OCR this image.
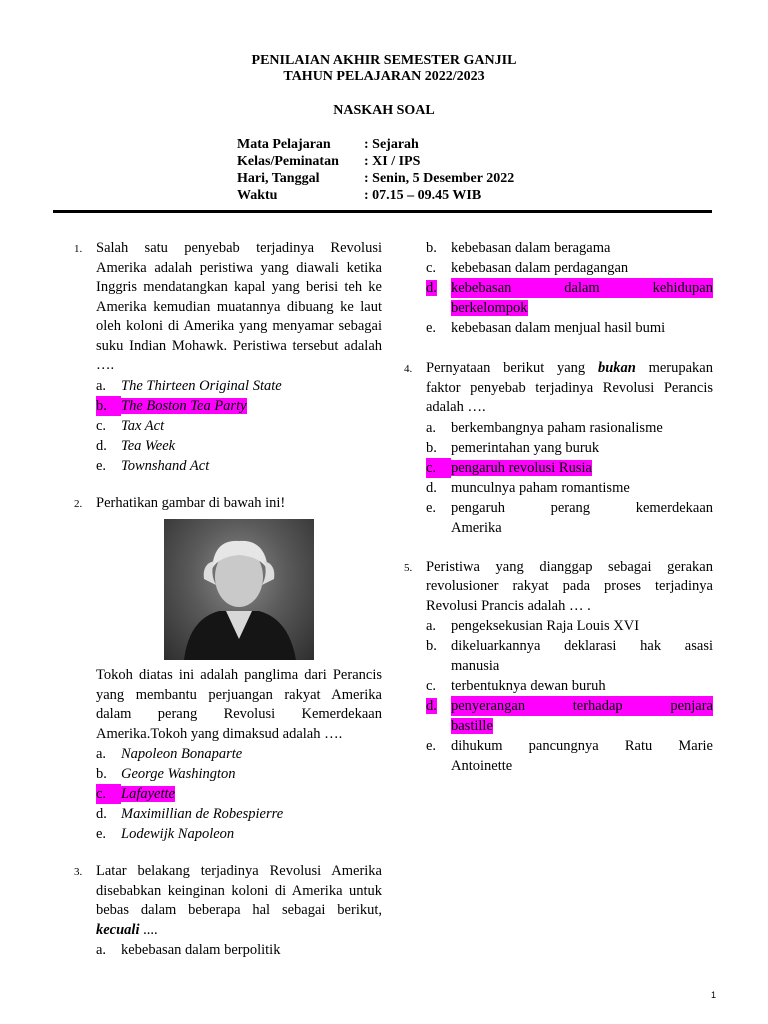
PENILAIAN AKHIR SEMESTER GANJIL
TAHUN PELAJARAN 2022/2023
NASKAH SOAL
Mata Pelajaran	: Sejarah
Kelas/Peminatan	: XI / IPS
Hari, Tanggal	: Senin, 5 Desember 2022
Waktu	: 07.15 – 09.45 WIB
1. Salah satu penyebab terjadinya Revolusi Amerika adalah peristiwa yang diawali ketika Inggris mendatangkan kapal yang berisi teh ke Amerika kemudian muatannya dibuang ke laut oleh koloni di Amerika yang menyamar sebagai suku Indian Mohawk. Peristiwa tersebut adalah ….
a.	The Thirteen Original State
b. The Boston Tea Party
c.	Tax Act
d. Tea Week
e.	Townshand Act
2. Perhatikan gambar di bawah ini!
Tokoh diatas ini adalah panglima dari Perancis yang membantu perjuangan rakyat Amerika dalam perang Revolusi Kemerdekaan Amerika.Tokoh yang dimaksud adalah ….
a.	Napoleon Bonaparte
b. George Washington
c.	Lafayette
d. Maximillian de Robespierre
e.	Lodewijk Napoleon
3. Latar belakang terjadinya Revolusi Amerika disebabkan keinginan koloni di Amerika untuk bebas dalam beberapa hal sebagai berikut, kecuali ....
a.	kebebasan dalam berpolitik
b. kebebasan dalam beragama
c.	kebebasan dalam perdagangan
d. kebebasan dalam kehidupan
berkelompok
e.	kebebasan dalam menjual hasil bumi
4. Pernyataan berikut yang bukan merupakan faktor penyebab terjadinya Revolusi Perancis adalah ….
a.	berkembangnya paham rasionalisme
b. pemerintahan yang buruk
c.	pengaruh revolusi Rusia
d. munculnya paham romantisme
e.	pengaruh perang kemerdekaan
Amerika
5. Peristiwa yang dianggap sebagai gerakan revolusioner rakyat pada proses terjadinya Revolusi Prancis adalah … .
a.	pengeksekusian Raja Louis XVI
b. dikeluarkannya deklarasi hak asasi
manusia
c.	terbentuknya dewan buruh
d. penyerangan terhadap penjara
bastille
e.	dihukum pancungnya Ratu Marie
Antoinette
1
